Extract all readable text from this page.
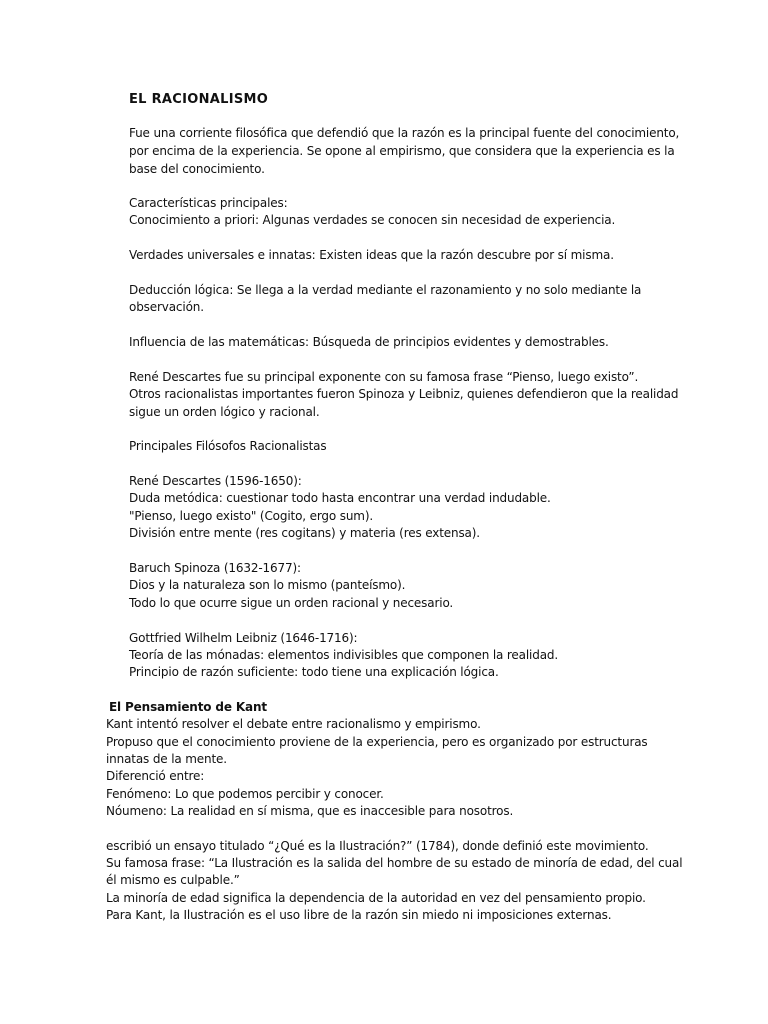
EL RACIONALISMO
Fue una corriente filosófica que defendió que la razón es la principal fuente del conocimiento,
por encima de la experiencia. Se opone al empirismo, que considera que la experiencia es la
base del conocimiento.
Características principales:
Conocimiento a priori: Algunas verdades se conocen sin necesidad de experiencia.
Verdades universales e innatas: Existen ideas que la razón descubre por sí misma.
Deducción lógica: Se llega a la verdad mediante el razonamiento y no solo mediante la
observación.
Influencia de las matemáticas: Búsqueda de principios evidentes y demostrables.
René Descartes fue su principal exponente con su famosa frase “Pienso, luego existo”.
Otros racionalistas importantes fueron Spinoza y Leibniz, quienes defendieron que la realidad
sigue un orden lógico y racional.
Principales Filósofos Racionalistas
René Descartes (1596-1650):
Duda metódica: cuestionar todo hasta encontrar una verdad indudable.
"Pienso, luego existo" (Cogito, ergo sum).
División entre mente (res cogitans) y materia (res extensa).
Baruch Spinoza (1632-1677):
Dios y la naturaleza son lo mismo (panteísmo).
Todo lo que ocurre sigue un orden racional y necesario.
Gottfried Wilhelm Leibniz (1646-1716):
Teoría de las mónadas: elementos indivisibles que componen la realidad.
Principio de razón suficiente: todo tiene una explicación lógica.
El Pensamiento de Kant
Kant intentó resolver el debate entre racionalismo y empirismo.
Propuso que el conocimiento proviene de la experiencia, pero es organizado por estructuras
innatas de la mente.
Diferenció entre:
Fenómeno: Lo que podemos percibir y conocer.
Nóumeno: La realidad en sí misma, que es inaccesible para nosotros.
escribió un ensayo titulado “¿Qué es la Ilustración?” (1784), donde definió este movimiento.
Su famosa frase: “La Ilustración es la salida del hombre de su estado de minoría de edad, del cual
él mismo es culpable.”
La minoría de edad significa la dependencia de la autoridad en vez del pensamiento propio.
Para Kant, la Ilustración es el uso libre de la razón sin miedo ni imposiciones externas.
